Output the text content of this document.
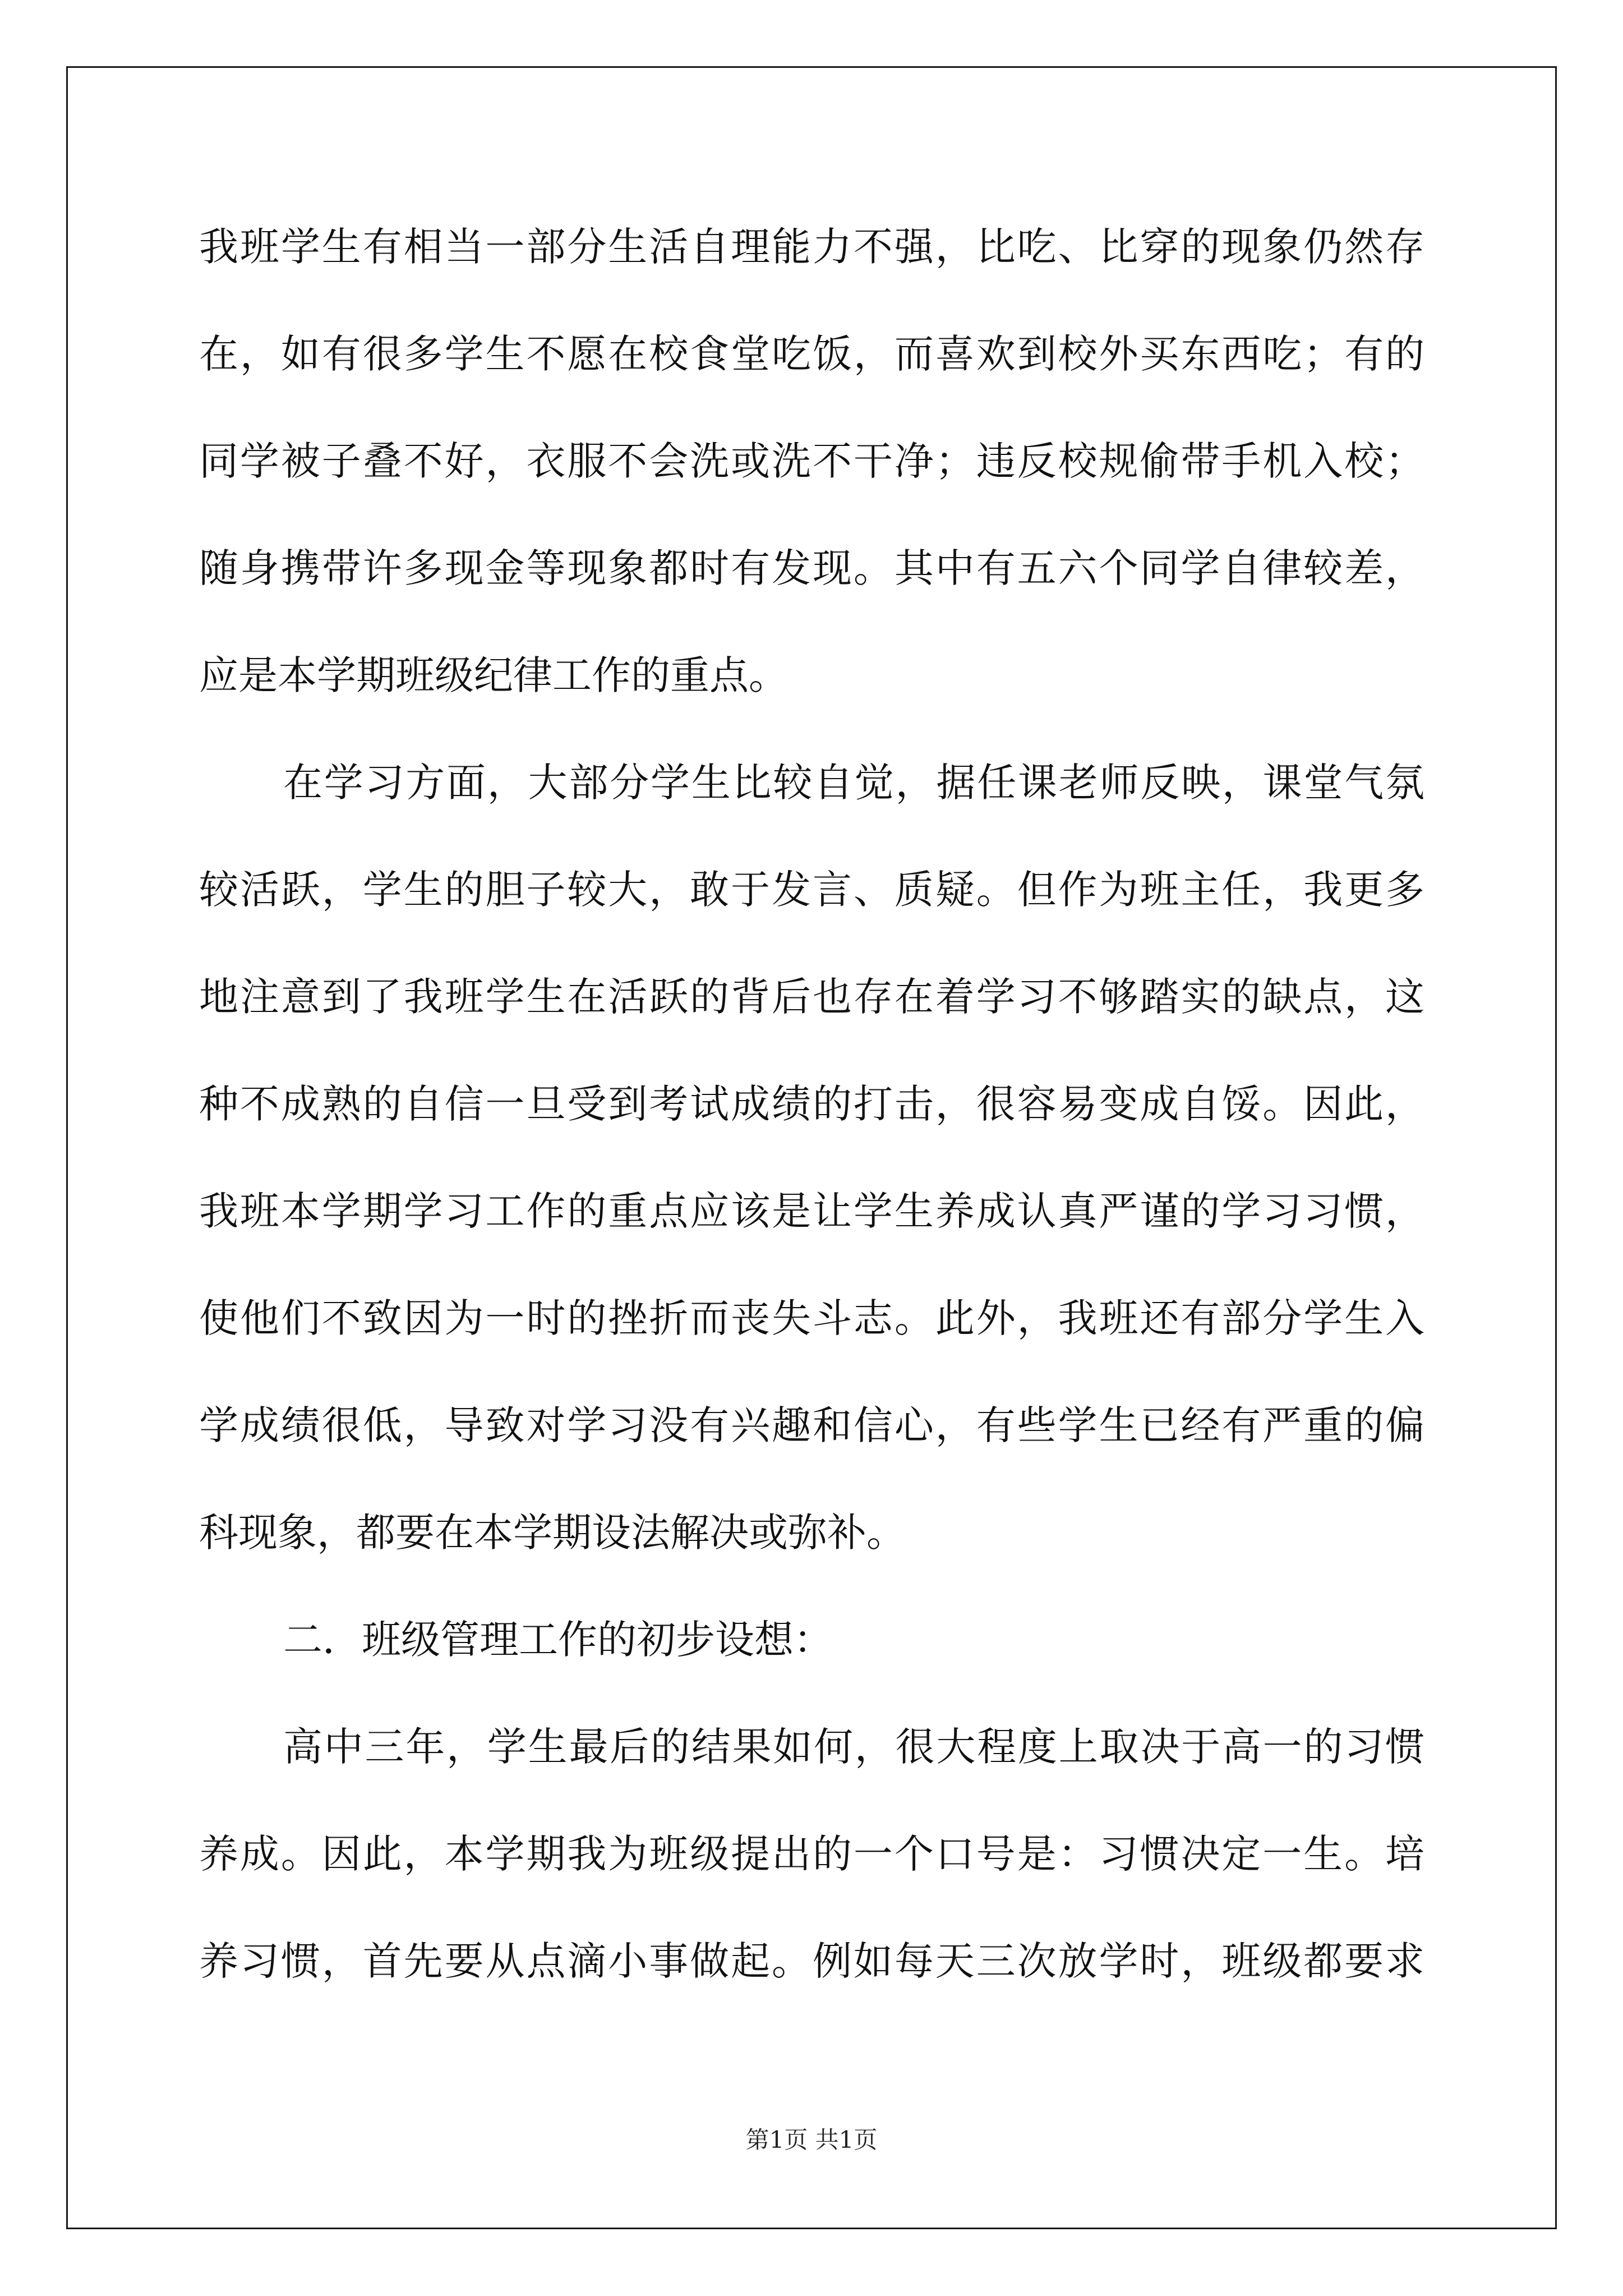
我班学生有相当一部分生活自理能力不强，比吃、比穿的现象仍然存
在，如有很多学生不愿在校食堂吃饭，而喜欢到校外买东西吃；有的
同学被子叠不好，衣服不会洗或洗不干净；违反校规偷带手机入校；
随身携带许多现金等现象都时有发现。其中有五六个同学自律较差，
应是本学期班级纪律工作的重点。
在学习方面，大部分学生比较自觉，据任课老师反映，课堂气氛
较活跃，学生的胆子较大，敢于发言、质疑。但作为班主任，我更多
地注意到了我班学生在活跃的背后也存在着学习不够踏实的缺点，这
种不成熟的自信一旦受到考试成绩的打击，很容易变成自馁。因此，
我班本学期学习工作的重点应该是让学生养成认真严谨的学习习惯，
使他们不致因为一时的挫折而丧失斗志。此外，我班还有部分学生入
学成绩很低，导致对学习没有兴趣和信心，有些学生已经有严重的偏
科现象，都要在本学期设法解决或弥补。
二．班级管理工作的初步设想：
高中三年，学生最后的结果如何，很大程度上取决于高一的习惯
养成。因此，本学期我为班级提出的一个口号是：习惯决定一生。培
养习惯，首先要从点滴小事做起。例如每天三次放学时，班级都要求
第1页 共1页
